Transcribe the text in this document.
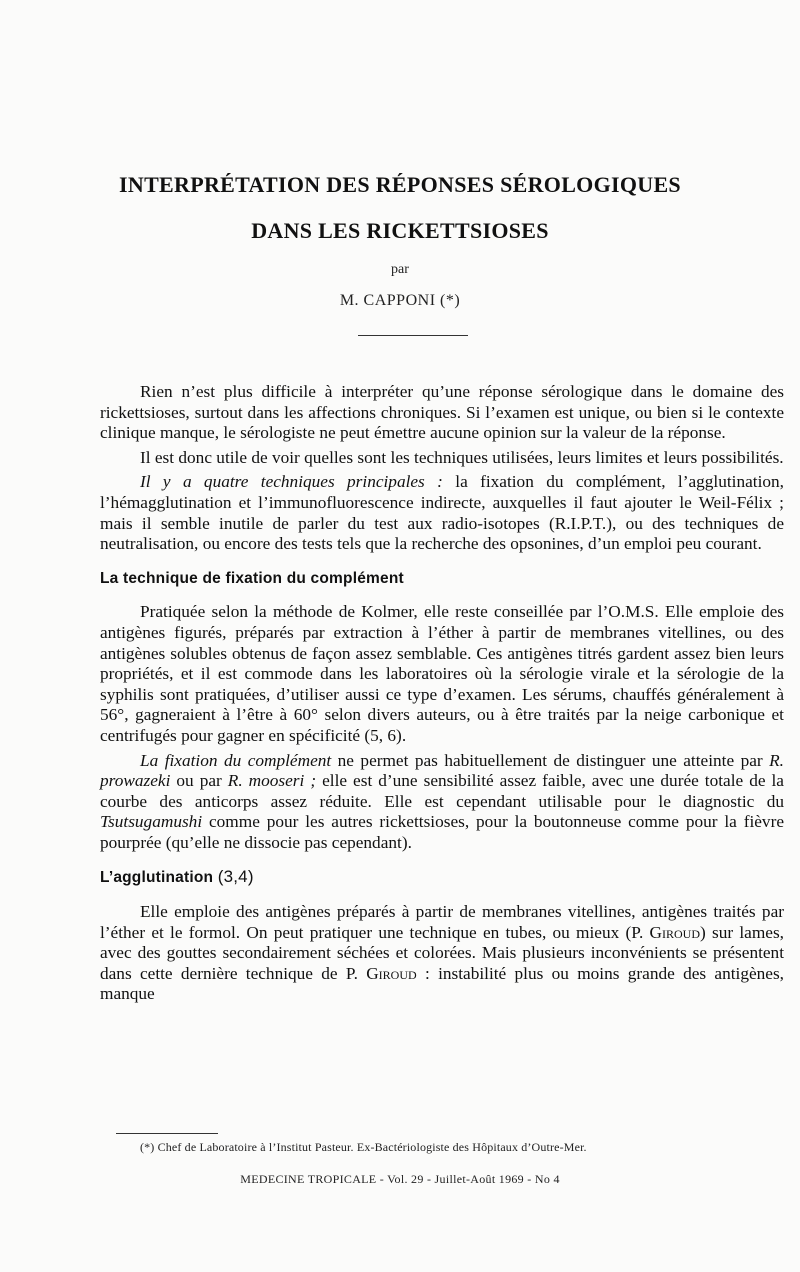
INTERPRÉTATION DES RÉPONSES SÉROLOGIQUES
DANS LES RICKETTSIOSES
par
M. CAPPONI (*)

Rien n’est plus difficile à interpréter qu’une réponse sérologique dans le domaine des rickettsioses, surtout dans les affections chroniques. Si l’examen est unique, ou bien si le contexte clinique manque, le sérologiste ne peut émettre aucune opinion sur la valeur de la réponse.

Il est donc utile de voir quelles sont les techniques utilisées, leurs limites et leurs possibilités.

Il y a quatre techniques principales : la fixation du complément, l’agglutination, l’hémagglutination et l’immunofluorescence indirecte, auxquelles il faut ajouter le Weil-Félix ; mais il semble inutile de parler du test aux radio-isotopes (R.I.P.T.), ou des techniques de neutralisation, ou encore des tests tels que la recherche des opsonines, d’un emploi peu courant.

La technique de fixation du complément

Pratiquée selon la méthode de Kolmer, elle reste conseillée par l’O.M.S. Elle emploie des antigènes figurés, préparés par extraction à l’éther à partir de membranes vitellines, ou des antigènes solubles obtenus de façon assez semblable. Ces antigènes titrés gardent assez bien leurs propriétés, et il est commode dans les laboratoires où la sérologie virale et la sérologie de la syphilis sont pratiquées, d’utiliser aussi ce type d’examen. Les sérums, chauffés généralement à 56°, gagneraient à l’être à 60° selon divers auteurs, ou à être traités par la neige carbonique et centrifugés pour gagner en spécificité (5, 6).

La fixation du complément ne permet pas habituellement de distinguer une atteinte par R. prowazeki ou par R. mooseri ; elle est d’une sensibilité assez faible, avec une durée totale de la courbe des anticorps assez réduite. Elle est cependant utilisable pour le diagnostic du Tsutsugamushi comme pour les autres rickettsioses, pour la boutonneuse comme pour la fièvre pourprée (qu’elle ne dissocie pas cependant).

L’agglutination (3,4)

Elle emploie des antigènes préparés à partir de membranes vitellines, antigènes traités par l’éther et le formol. On peut pratiquer une technique en tubes, ou mieux (P. Giroud) sur lames, avec des gouttes secondairement séchées et colorées. Mais plusieurs inconvénients se présentent dans cette dernière technique de P. Giroud : instabilité plus ou moins grande des antigènes, manque

(*) Chef de Laboratoire à l’Institut Pasteur. Ex-Bactériologiste des Hôpitaux d’Outre-Mer.
MEDECINE TROPICALE - Vol. 29 - Juillet-Août 1969 - No 4
